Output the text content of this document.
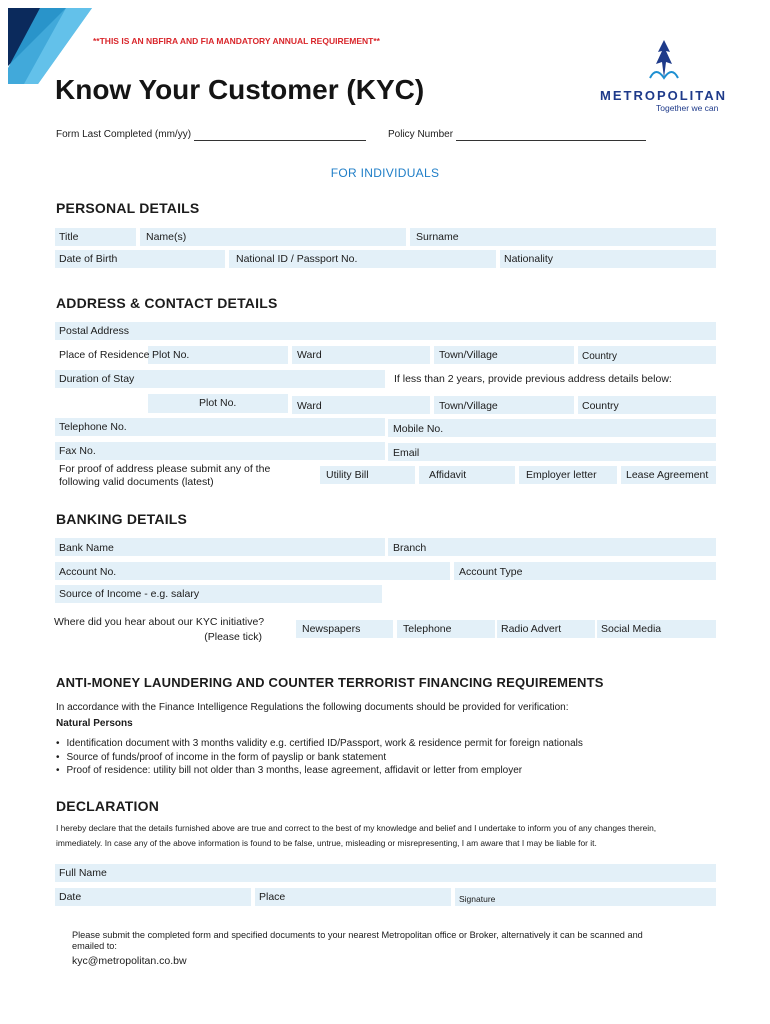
**THIS IS AN NBFIRA AND FIA MANDATORY ANNUAL REQUIREMENT**
Know Your Customer (KYC)	METROPOLITAN
Together we can
Form Last Completed (mm/yy)	Policy Number
FOR INDIVIDUALS
PERSONAL DETAILS
Title	Name(s)	Surname
Date of Birth	National ID / Passport No.	Nationality
ADDRESS & CONTACT DETAILS
Postal Address
Place of Residence Plot No.	Ward	Town/Village	Country
Duration of Stay	If less than 2 years, provide previous address details below:
Plot No.	Ward	Town/Village	Country
Telephone No.	Mobile No.
Fax No.	Email
For proof of address please submit any of the
following valid documents (latest)
Utility Bill	Affidavit	Employer letter	Lease Agreement
BANKING DETAILS
Bank Name	Branch
Account No.	Account Type
Source of Income - e.g. salary
Where did you hear about our KYC initiative?
(Please tick)
Newspapers	Telephone	Radio Advert	Social Media
ANTI-MONEY LAUNDERING AND COUNTER TERRORIST FINANCING REQUIREMENTS
In accordance with the Finance Intelligence Regulations the following documents should be provided for verification:
Natural Persons
• Identification document with 3 months validity e.g. certified ID/Passport, work & residence permit for foreign nationals
• Source of funds/proof of income in the form of payslip or bank statement
• Proof of residence: utility bill not older than 3 months, lease agreement, affidavit or letter from employer
DECLARATION
I hereby declare that the details furnished above are true and correct to the best of my knowledge and belief and I undertake to inform you of any changes therein,
immediately. In case any of the above information is found to be false, untrue, misleading or misrepresenting, I am aware that I may be liable for it.
Full Name
Date	Place	Signature
Please submit the completed form and specified documents to your nearest Metropolitan office or Broker, alternatively it can be scanned and
emailed to:
kyc@metropolitan.co.bw
